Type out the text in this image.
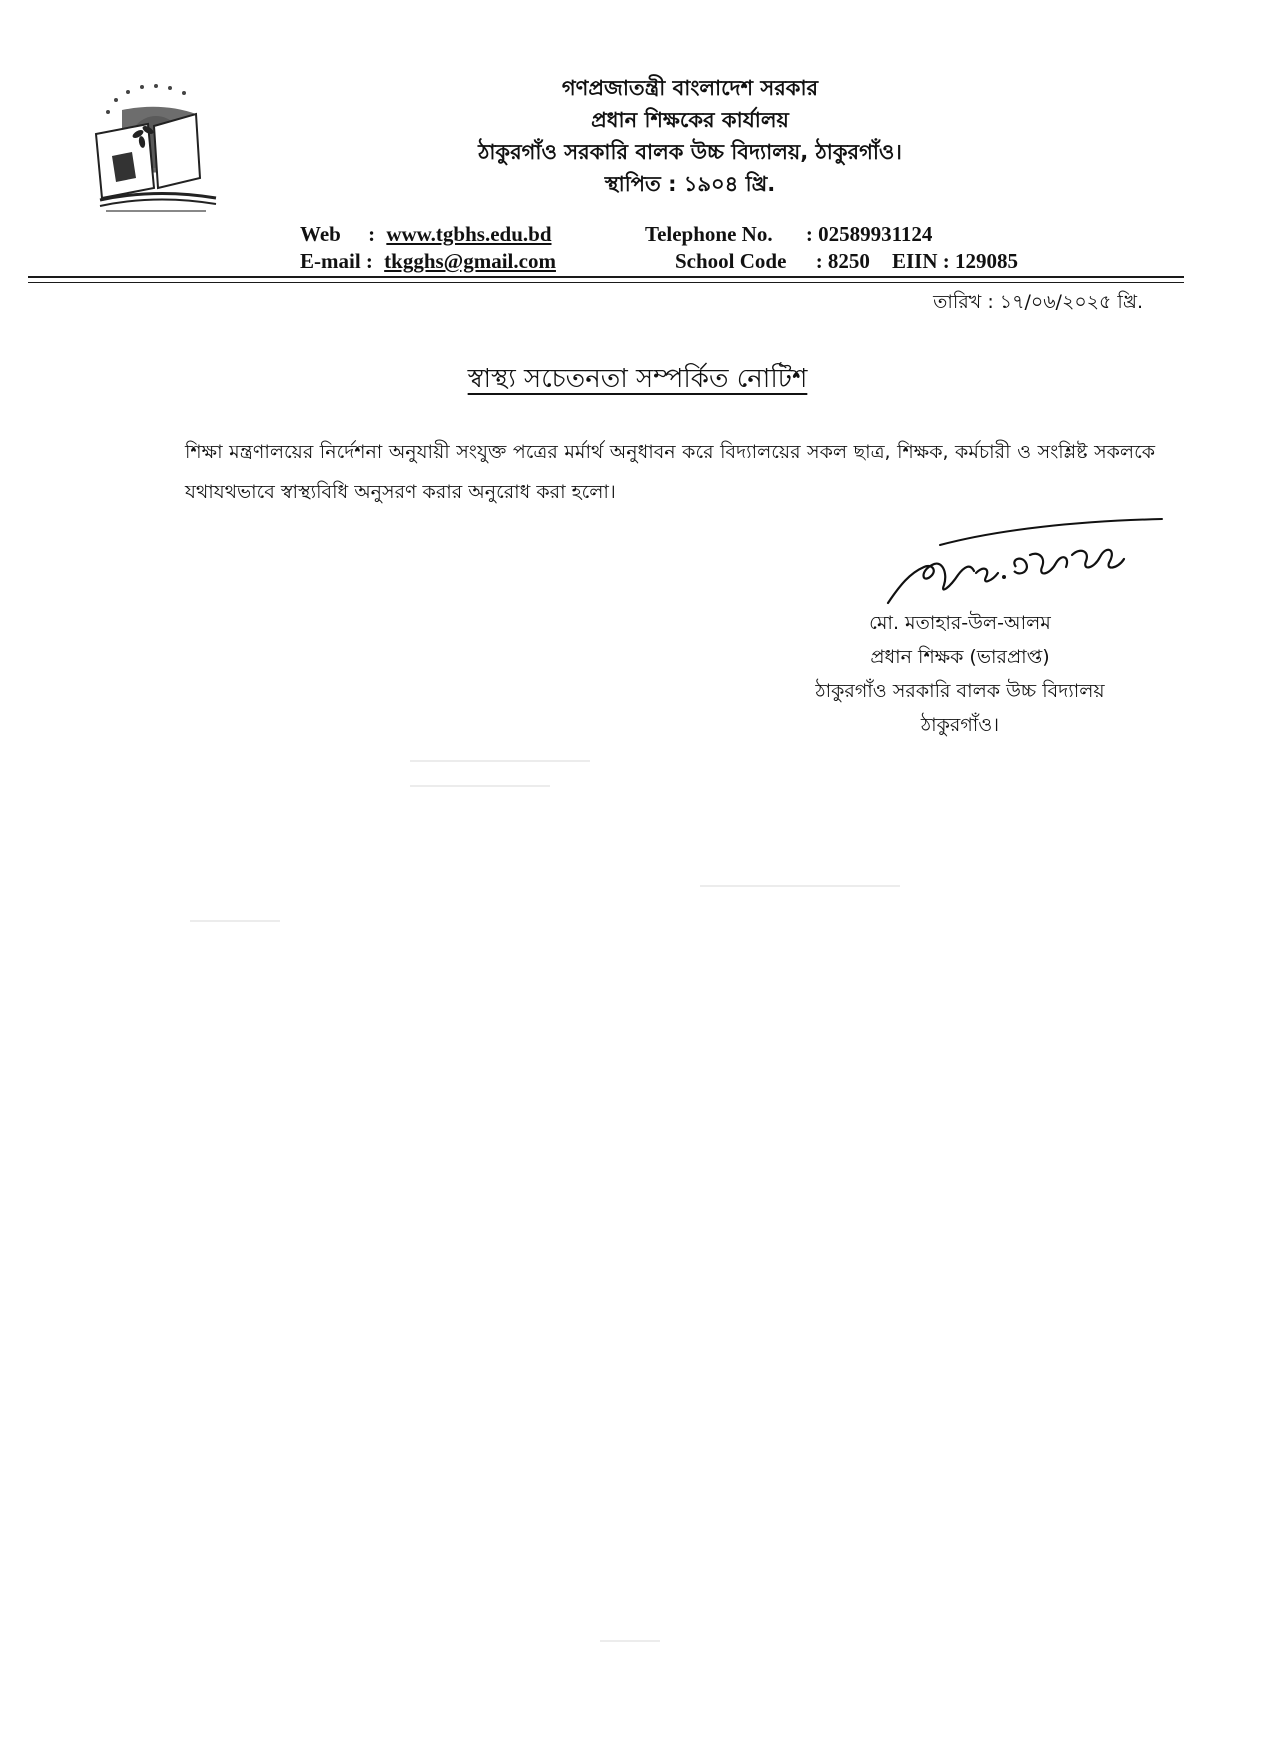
গণপ্রজাতন্ত্রী বাংলাদেশ সরকার
প্রধান শিক্ষকের কার্যালয়
ঠাকুরগাঁও সরকারি বালক উচ্চ বিদ্যালয়, ঠাকুরগাঁও।
স্থাপিত : ১৯০৪ খ্রি.
Web : www.tgbhs.edu.bd
E-mail : tkgghs@gmail.com
Telephone No. : 02589931124
School Code : 8250 EIIN : 129085
তারিখ : ১৭/০৬/২০২৫ খ্রি.
স্বাস্থ্য সচেতনতা সম্পর্কিত নোটিশ
শিক্ষা মন্ত্রণালয়ের নির্দেশনা অনুযায়ী সংযুক্ত পত্রের মর্মার্থ অনুধাবন করে বিদ্যালয়ের সকল ছাত্র, শিক্ষক, কর্মচারী ও সংশ্লিষ্ট সকলকে যথাযথভাবে স্বাস্থ্যবিধি অনুসরণ করার অনুরোধ করা হলো।
মো. মতাহার-উল-আলম
প্রধান শিক্ষক (ভারপ্রাপ্ত)
ঠাকুরগাঁও সরকারি বালক উচ্চ বিদ্যালয়
ঠাকুরগাঁও।
